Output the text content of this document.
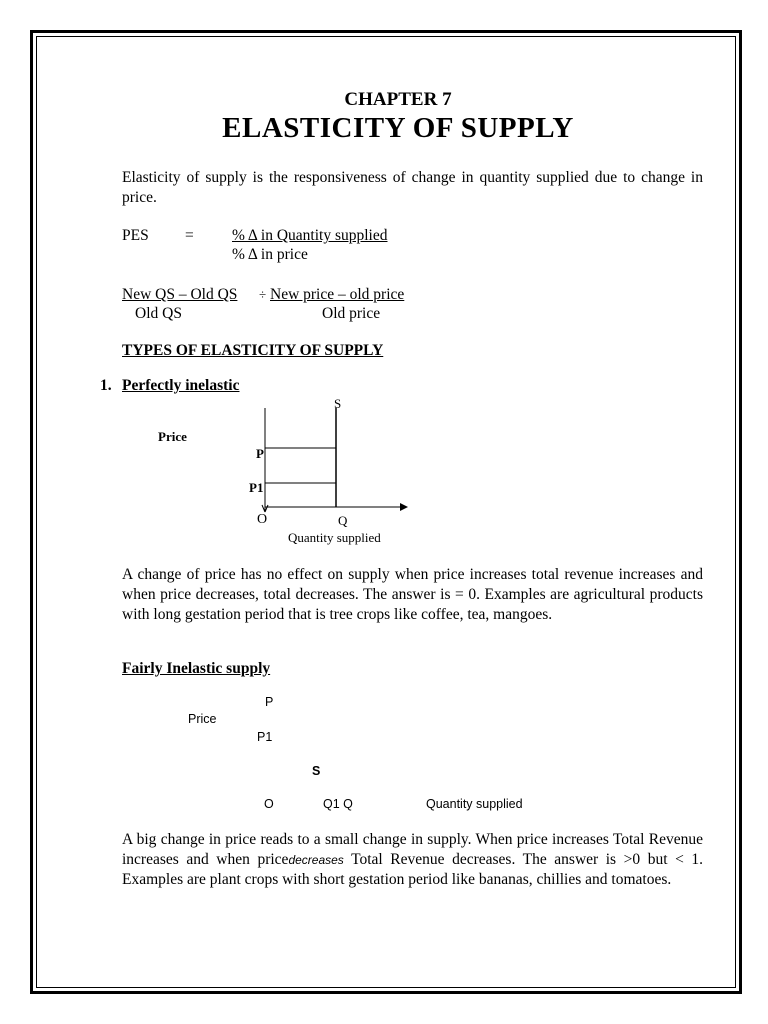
CHAPTER 7
ELASTICITY OF SUPPLY
Elasticity of supply is the responsiveness of change in quantity supplied due to change in price.
PES = % Δ in Quantity supplied
% Δ in price
New QS – Old QS ÷ New price – old price
Old QS	Old price
TYPES OF ELASTICITY OF SUPPLY
1. Perfectly inelastic
S
Price
P
P1
O	Q
Quantity supplied
A change of price has no effect on supply when price increases total revenue increases and when price decreases, total decreases. The answer is = 0. Examples are agricultural products with long gestation period that is tree crops like coffee, tea, mangoes.
Fairly Inelastic supply
P
Price
P1
S
O	Q1 Q	Quantity supplied
A big change in price reads to a small change in supply. When price increases Total Revenue increases and when pricedecreases Total Revenue decreases. The answer is >0 but < 1. Examples are plant crops with short gestation period like bananas, chillies and tomatoes.
